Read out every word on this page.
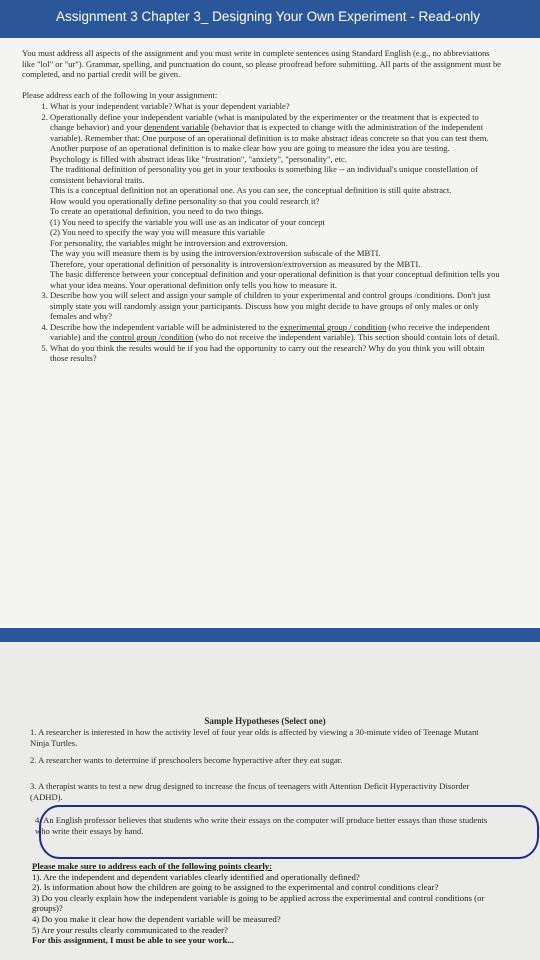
Assignment 3 Chapter 3_ Designing Your Own Experiment - Read-only

You must address all aspects of the assignment and you must write in complete sentences using Standard English (e.g., no abbreviations like "lol" or "ur"). Grammar, spelling, and punctuation do count, so please proofread before submitting. All parts of the assignment must be completed, and no partial credit will be given.

Please address each of the following in your assignment:

1. What is your independent variable? What is your dependent variable?
2. Operationally define your independent variable (what is manipulated by the experimenter or the treatment that is expected to change behavior) and your dependent variable (behavior that is expected to change with the administration of the independent variable). Remember that: One purpose of an operational definition is to make abstract ideas concrete so that you can test them. Another purpose of an operational definition is to make clear how you are going to measure the idea you are testing.
Psychology is filled with abstract ideas like "frustration", "anxiety", "personality", etc.
The traditional definition of personality you get in your textbooks is something like -- an individual's unique constellation of consistent behavioral traits.
This is a conceptual definition not an operational one. As you can see, the conceptual definition is still quite abstract.
How would you operationally define personality so that you could research it?
To create an operational definition, you need to do two things.
(1) You need to specify the variable you will use as an indicator of your concept
(2) You need to specify the way you will measure this variable
For personality, the variables might be introversion and extroversion.
The way you will measure them is by using the introversion/extroversion subscale of the MBTI.
Therefore, your operational definition of personality is introversion/extroversion as measured by the MBTI.
The basic difference between your conceptual definition and your operational definition is that your conceptual definition tells you what your idea means. Your operational definition only tells you how to measure it.
3. Describe how you will select and assign your sample of children to your experimental and control groups /conditions. Don't just simply state you will randomly assign your participants. Discuss how you might decide to have groups of only males or only females and why?
4. Describe how the independent variable will be administered to the experimental group / condition (who receive the independent variable) and the control group /condition (who do not receive the independent variable). This section should contain lots of detail.
5. What do you think the results would be if you had the opportunity to carry out the research? Why do you think you will obtain those results?
Sample Hypotheses (Select one)
1. A researcher is interested in how the activity level of four year olds is affected by viewing a 30-minute video of Teenage Mutant Ninja Turtles.
2. A researcher wants to determine if preschoolers become hyperactive after they eat sugar.
3. A therapist wants to test a new drug designed to increase the focus of teenagers with Attention Deficit Hyperactivity Disorder (ADHD).
4. An English professor believes that students who write their essays on the computer will produce better essays than those students who write their essays by hand.
Please make sure to address each of the following points clearly:
1). Are the independent and dependent variables clearly identified and operationally defined?
2). Is information about how the children are going to be assigned to the experimental and control conditions clear?
3) Do you clearly explain how the independent variable is going to be applied across the experimental and control conditions (or groups)?
4) Do you make it clear how the dependent variable will be measured?
5) Are your results clearly communicated to the reader?
For this assignment, I must be able to see your work...
